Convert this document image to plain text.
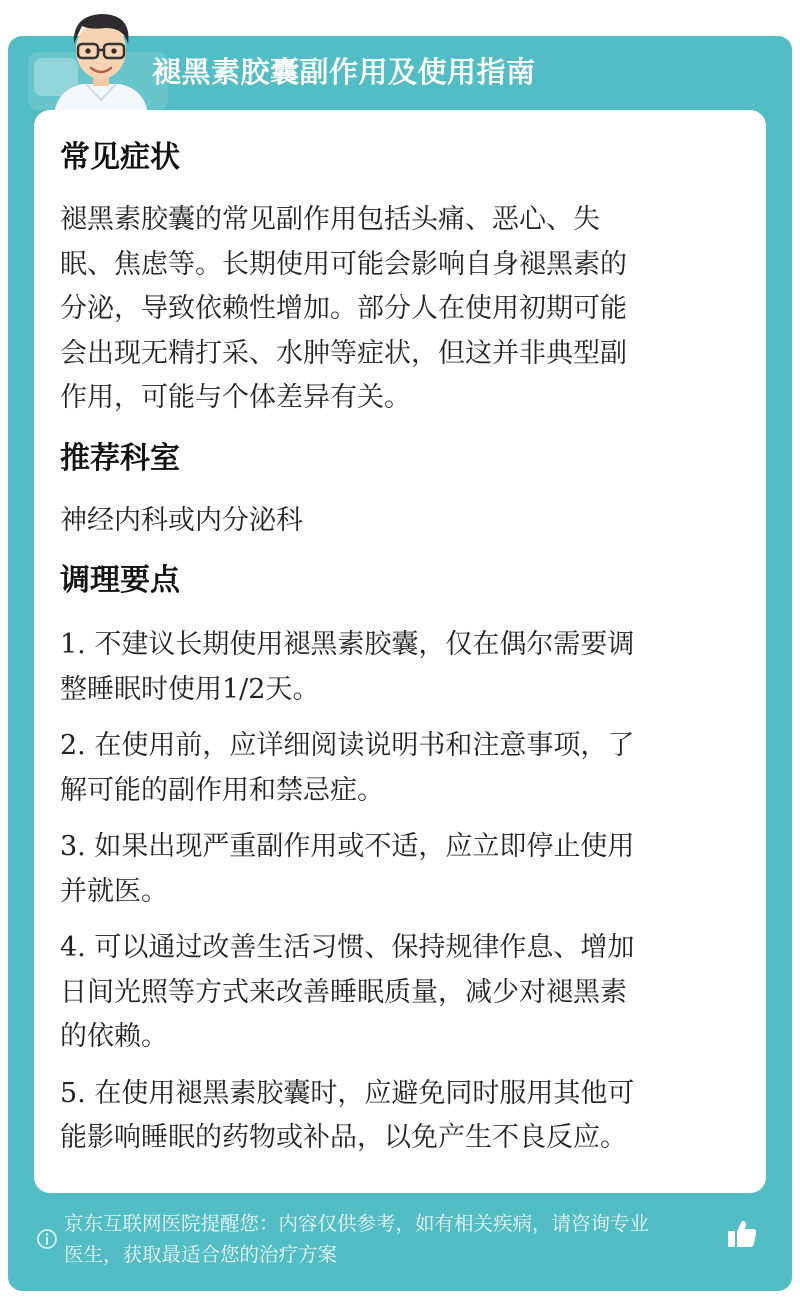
褪黑素胶囊副作用及使用指南
常见症状

褪黑素胶囊的常见副作用包括头痛、恶心、失

眠、焦虑等。长期使用可能会影响自身褪黑素的

分泌，导致依赖性增加。部分人在使用初期可能

会出现无精打采、水肿等症状，但这并非典型副

作用，可能与个体差异有关。

推荐科室

神经内科或内分泌科

调理要点

1. 不建议长期使用褪黑素胶囊，仅在偶尔需要调

整睡眠时使用1/2天。

2. 在使用前，应详细阅读说明书和注意事项，了

解可能的副作用和禁忌症。

3. 如果出现严重副作用或不适，应立即停止使用

并就医。

4. 可以通过改善生活习惯、保持规律作息、增加

日间光照等方式来改善睡眠质量，减少对褪黑素

的依赖。

5. 在使用褪黑素胶囊时，应避免同时服用其他可

能影响睡眠的药物或补品，以免产生不良反应。

京东互联网医院提醒您：内容仅供参考，如有相关疾病，请咨询专业
医生，获取最适合您的治疗方案
